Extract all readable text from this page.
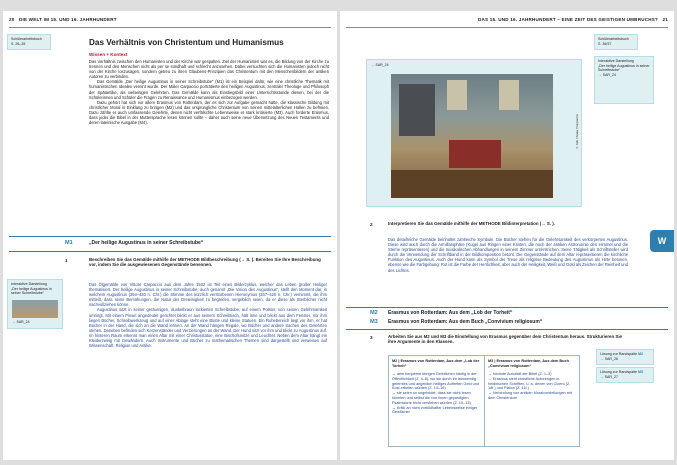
20 DIE WELT IM 15. UND 16. JAHRHUNDERT
Schülerarbeitsbuch
S. 26–35	Das Verhältnis von Christentum und Humanismus
Wissen + Kontext

Das Verhältnis zwischen den Humanisten und der Kirche war gespalten. Ziel der Humanisten war es, die Bildung von der Kirche zu trennen und den Menschen nicht als per se sündhaft und schlecht anzusehen. Dabei versuchten sich die Humanisten jedoch nicht von der Kirche loszusagen, sondern getreu zu ihren Glaubens-Prinzipien das Christentum mit den Menschenbildern der antiken Autoren zu verbinden.

Das Gemälde „Der heilige Augustinus in seiner Schreibstube“ (M1) ist ein Beispiel dafür, wie eine christliche Thematik mit humanistischen Idealen vereint wurde. Der Maler Carpaccio porträtierte den heiligen Augustinus, zentraler Theologe und Philosoph der Spätantike, als vielseitigen Gelehrten. Das Gemälde kann als Einstiegsbild einer Unterrichtsstunde dienen, bei der die Schülerinnen und Schüler die Fragen zu Renaissance und Humanismus einbezogen werden.

Dazu gehört hat sich vor allem Erasmus von Rotterdam, der es sich zur Aufgabe gemacht hatte, die klassische Bildung mit christlicher Moral in Einklang zu bringen (M2) und das ursprüngliche Christentum von seinen mittelalterlichen Hüllen zu befreien. Dazu zählte er auch umfassende Gelehrte, denen nicht verfälschte Lebensweise er stark kritisierte (M3). Auch forderte Erasmus, dass jeder die Bibel in der Muttersprache lesen können sollte – daher auch seine neue Übersetzung des Neuen Testaments und deren lateinische Ausgabe (M4).

M1	„Der heilige Augustinus in seiner Schreibstube“
1	Beschreiben Sie das Gemälde mithilfe der METHODE Bildbeschreibung (→ S. ). Bereiten Sie Ihre Beschreibung vor, indem Sie die ausgewiesenen Gegenstände benennen.

Das Ölgemälde von Vittore Carpaccio aus dem Jahre 1502 ist Teil eines Bilderzyklus, welcher das Leben großer Heiliger thematisiert. Der heilige Augustinus in seiner Schreibstube, auch genannt „Die Vision des Augustinus“, stellt den Moment dar, in welchem Augustinus (354–430 n. Chr.) die Stimme des kürzlich verstorbenen Hieronymus (347–420 n. Chr.) vernimmt, die ihm mitteilt, dass seine Bemühungen, die Natur der Dreieinigkeit zu begreifen, vergeblich seien, da er diese als Sterblicher nicht nachvollziehen könne.

Augustinus sitzt in seiner geräumigen, dunkelbraun lackierten Schreibstube, auf einem Polster, von seinen Gelehrsamkeit umringt. Mit einem Pinsel angedeutet gerichtet blickt er aus seinem Schreibtisch, hält inne und blickt aus dem Fenster. Vor ihm liegen Bücher, Schreibwerkzeug und auf einer Ablage steht eine Büste und kleine Statuen. Ein Ruhebereich liegt vor ihm, er hat Bücher in der Hand, die sich an die Wand lehnen. An der Wand hängen Regale, wo Bücher und andere Sachen des Gelehrten stehen. Daneben befinden sich Kerzenständer und Verzierungen an der Wand. Der Hund sitzt vor ihm und blickt zu Augustinus auf. Im hinteren Raum erkennt man einen Altar mit einer Christusstatue, eine Bischofsmitze und Leuchter. Neben dem Altar hängt ein Kleiderzweig mit Gewändern. Auch Instrumente und Bücher zu mathematischen Themen sind dargestellt und verweisen auf Wissenschaft, Religion und Antike.

Interaktive Darstellung
„Der heilige Augustinus in seiner Schreibstube“
→ SAR_24
DAS 15. UND 16. JAHRHUNDERT – EINE ZEIT DES GEISTIGEN UMBRUCHS? 21
Schülerarbeitsbuch
S. 36/37
Interaktive Darstellung
„Der heilige Augustinus in seiner Schreibstube“
→ SAR_24
→ SAR_24
© bpk / Scala / Carpaccio
W
2	Interpretieren Sie das Gemälde mithilfe der METHODE Bildinterpretation (→ S. ).

Das detailreiche Gemälde beinhaltet zahlreiche Symbole. Die Bücher stehen für die Gelehrsamkeit des verkörperten Augustinus. Diese wird auch durch die Armillarsphäre (Kugel aus Ringen einer Kristen, die noch der antiken Astronomie den Himmel und die Sterne repräsentieren) und die musikalischen Abhandlungen in seinem Zimmer unterstrichen. Seine Tätigkeit als Schriftsteller wird durch die Verwendung der Schriftband in der Bildkomposition betont. Die Gegenstände auf dem Altar repräsentieren die kirchliche Funktion des Augustinus. Auch der Hund kann als Symbol der Treue als religiöse Bedeutung des Augustinus als Hirte betonen, ebenso wie die Farbgebung: Rot ist die Farbe der Herrlichkeit, aber auch der Heiligkeit, Weiß und Gold als Zeichen der Reinheit und des Lichtes.

M2 Erasmus von Rotterdam: Aus dem „Lob der Torheit“
M3 Erasmus von Rotterdam: Aus dem Buch „Convivium religiosum“
3	Arbeiten Sie aus M2 und M3 die Einstellung von Erasmus gegenüber dem Christentum heraus. Strukturieren Sie ihre Argumente in den Klassen.
M2 | Erasmus von Rotterdam, Aus dem „Lob der Torheit“
→ dem bequeme übrigen Geistlichen häufig in der Öffentlichkeit (Z. 4–6), wo sie durch ihr auswendig gelerntes und angeblich heiliges Auftreten Geld und Kost erbeten würden (Z. 14–16)
→ sie seien so ungebildet, dass sie nicht lesen könnten und selbst die von ihnen gepredigten Psalmworte nicht verstehen würden (Z. 10–13)
→ Kritik an nicht vorbildhafter Lebensweise einiger Geistlicher
M3 | Erasmus von Rotterdam, Aus dem Buch „Convivium religiosum“
→ höchste Autorität der Bibel (Z. 1–3)
→ Erasmus sieht christliche Autorengen in heidnischen Schriften, u. a. denen von Cicero (Z. 18f.) und Platon (Z. 11f.)
→ Verbindung von antiken Moralvorstellungen mit dem Christentum
Lösung zur Randspalte M2
→ SAR_26
Lösung zur Randspalte M3
→ SAR_27
